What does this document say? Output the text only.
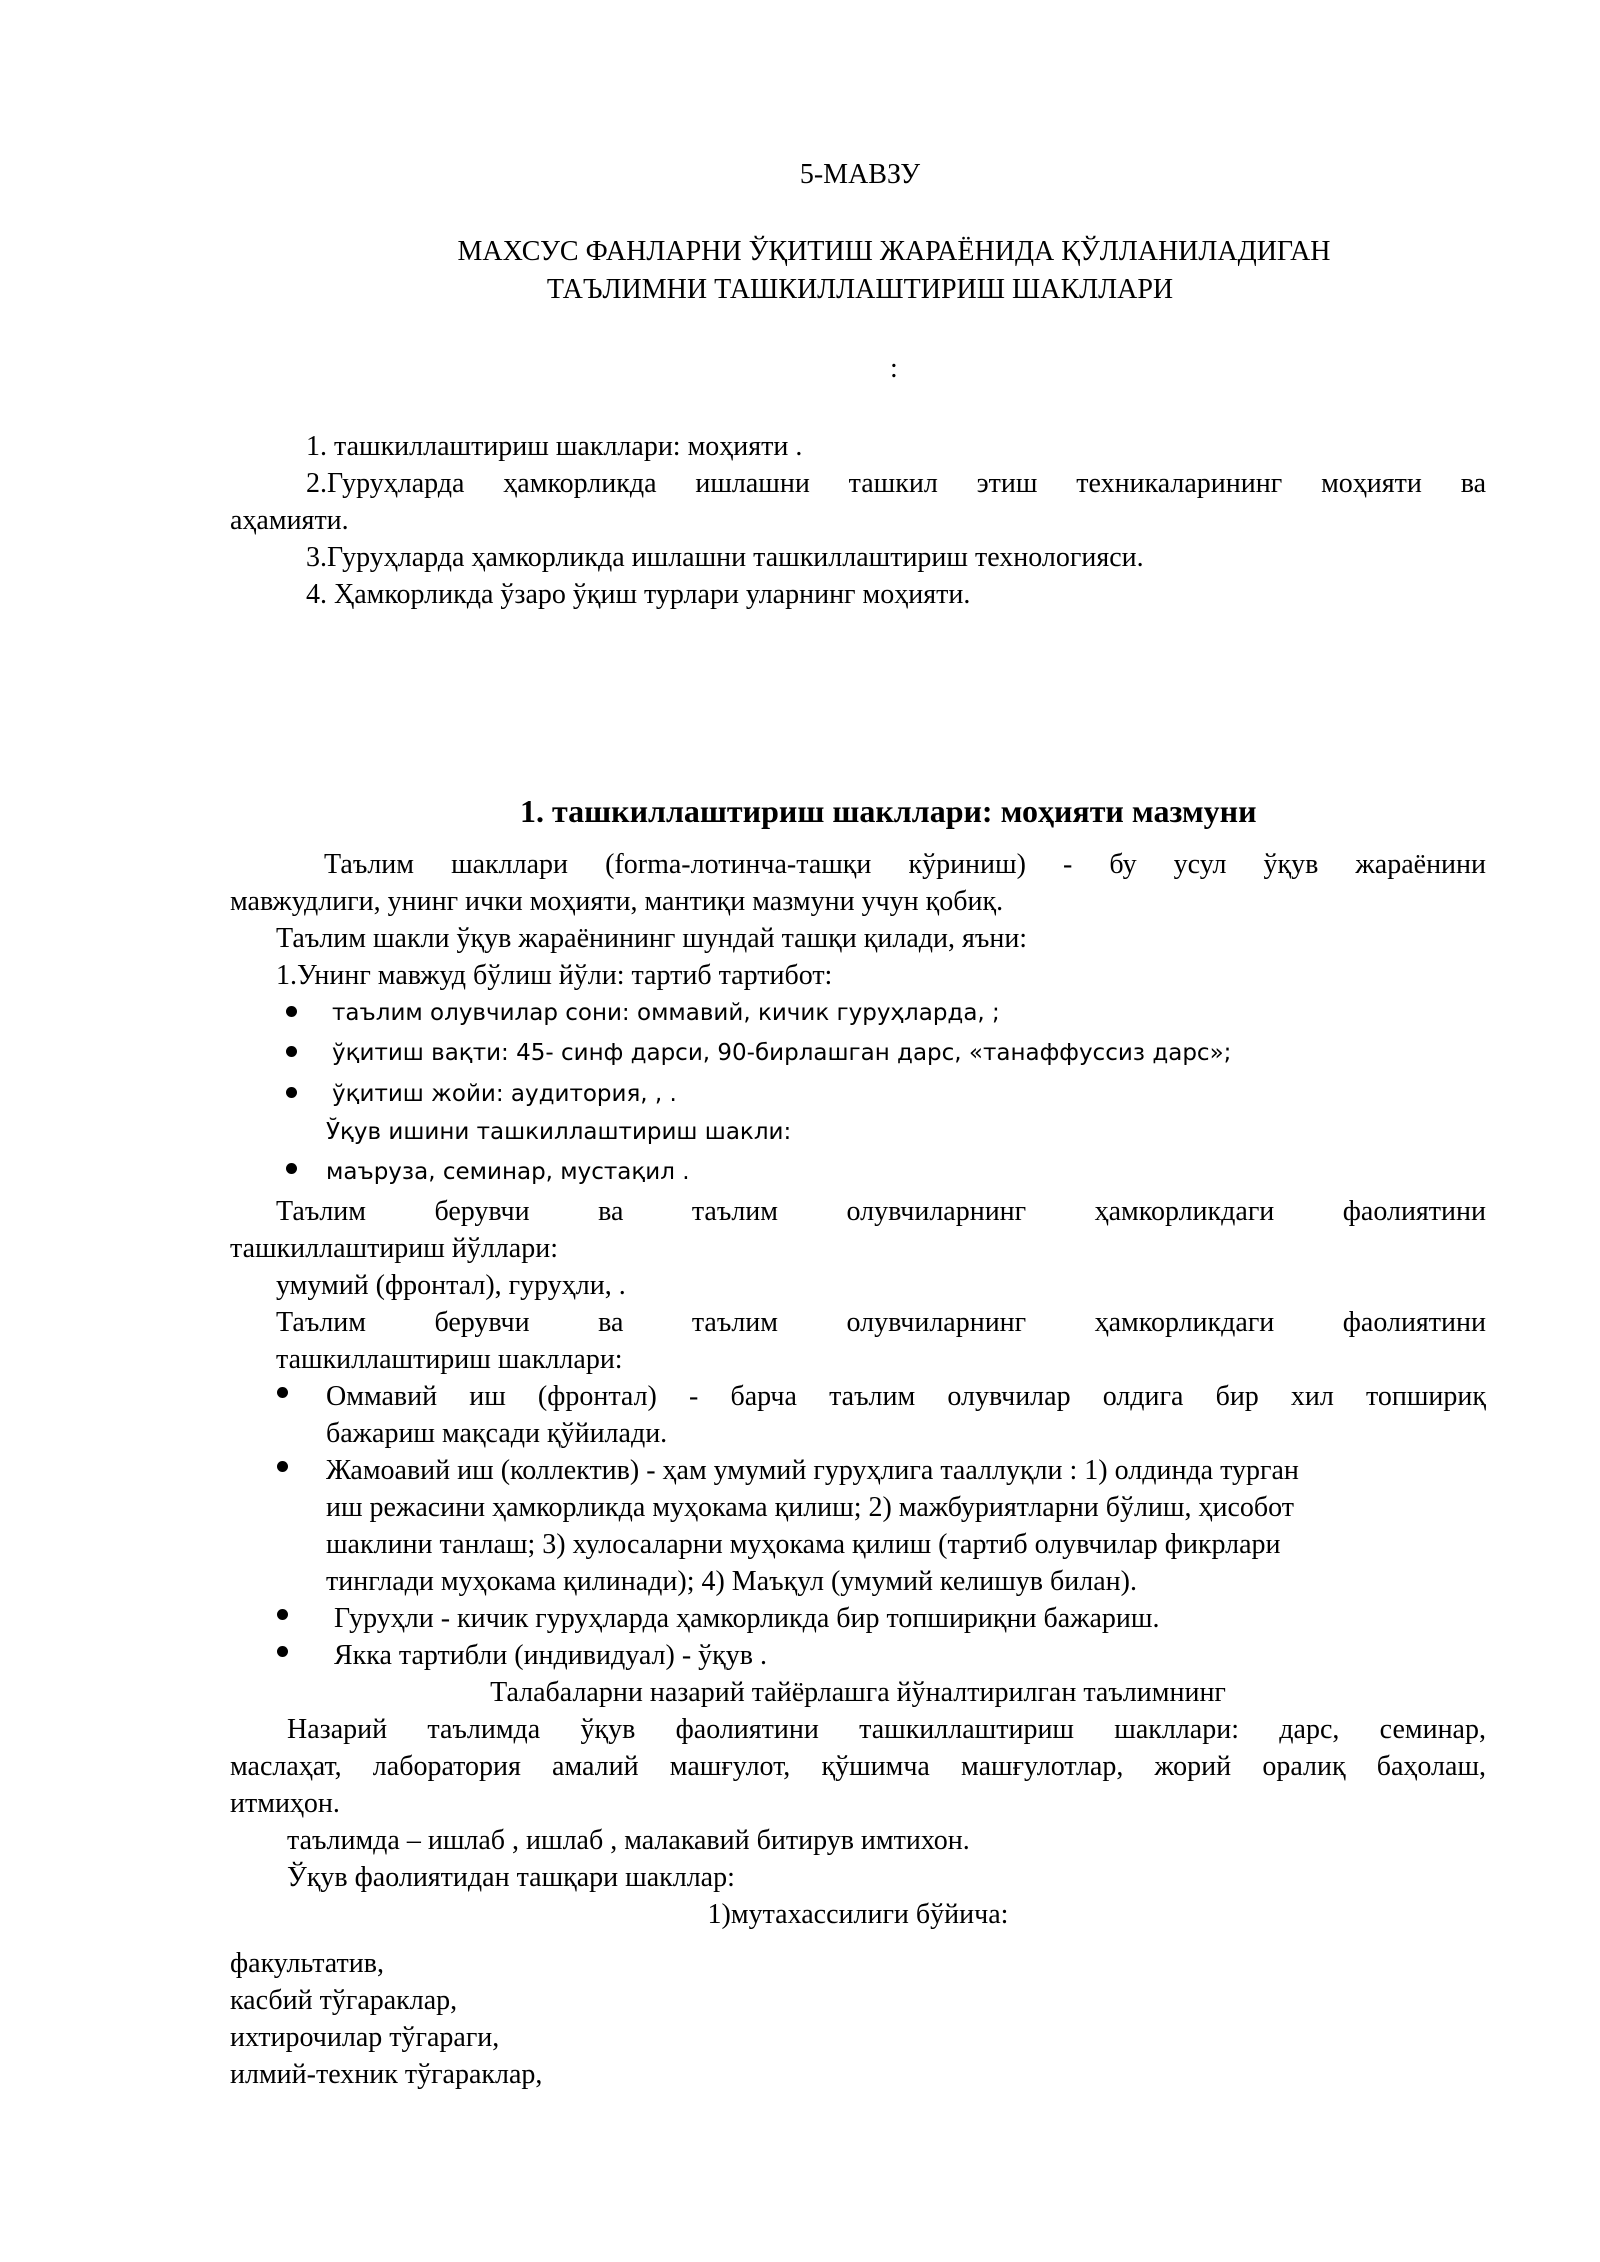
5-МАВЗУ
МАХСУС ФАНЛАРНИ ЎҚИТИШ ЖАРАЁНИДА ҚЎЛЛАНИЛАДИГАН
ТАЪЛИМНИ ТАШКИЛЛАШТИРИШ ШАКЛЛАРИ
:
1. ташкиллаштириш шакллари: моҳияти .
2.Гуруҳларда ҳамкорликда ишлашни ташкил этиш техникаларининг моҳияти ва
аҳамияти.
3.Гуруҳларда ҳамкорликда ишлашни ташкиллаштириш технологияси.
4. Ҳамкорликда ўзаро ўқиш турлари уларнинг моҳияти.
1. ташкиллаштириш шакллари: моҳияти мазмуни
Таълим шакллари (forma-лотинча-ташқи кўриниш) - бу усул ўқув жараёнини
мавжудлиги, унинг ички моҳияти, мантиқи мазмуни учун қобиқ.
Таълим шакли ўқув жараёнининг шундай ташқи қилади, яъни:
1.Унинг мавжуд бўлиш йўли: тартиб тартибот:
таълим олувчилар сони: оммавий, кичик гуруҳларда, ;
ўқитиш вақти: 45- синф дарси, 90-бирлашган дарс, «танаффуссиз дарс»;
ўқитиш жойи: аудитория, , .
Ўқув ишини ташкиллаштириш шакли:
маъруза, семинар, мустақил .
Таълим берувчи ва таълим олувчиларнинг ҳамкорликдаги фаолиятини
ташкиллаштириш йўллари:
умумий (фронтал), гуруҳли, .
Таълим берувчи ва таълим олувчиларнинг ҳамкорликдаги фаолиятини
ташкиллаштириш шакллари:
Оммавий иш (фронтал) - барча таълим олувчилар олдига бир хил топшириқ
бажариш мақсади қўйилади.
Жамоавий иш (коллектив) - ҳам умумий гуруҳлига тааллуқли : 1) олдинда турган
иш режасини ҳамкорликда муҳокама қилиш; 2) мажбуриятларни бўлиш, ҳисобот
шаклини танлаш; 3) хулосаларни муҳокама қилиш (тартиб олувчилар фикрлари
тинглади муҳокама қилинади); 4) Маъқул (умумий келишув билан).
Гуруҳли - кичик гуруҳларда ҳамкорликда бир топшириқни бажариш.
Якка тартибли (индивидуал) - ўқув .
Талабаларни назарий тайёрлашга йўналтирилган таълимнинг
Назарий таълимда ўқув фаолиятини ташкиллаштириш шакллари: дарс, семинар,
маслаҳат, лаборатория амалий машғулот, қўшимча машғулотлар, жорий оралиқ баҳолаш,
итмиҳон.
таълимда – ишлаб , ишлаб , малакавий битирув имтихон.
Ўқув фаолиятидан ташқари шакллар:
1)мутахассилиги бўйича:
факультатив,
касбий тўгараклар,
ихтирочилар тўгараги,
илмий-техник тўгараклар,
